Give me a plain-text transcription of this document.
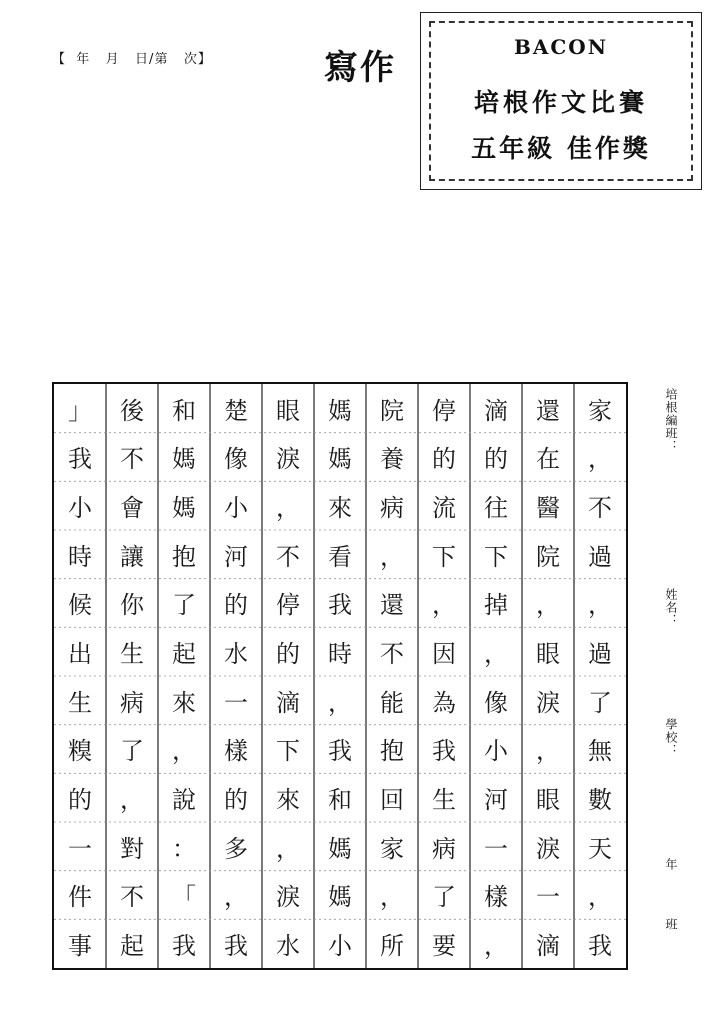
【  年   月   日/第   次】	寫作
BACON
培根作文比賽
五年級 佳作獎
家
，
不
過
，
過
了
無
數
天
，
我
還
在
醫
院
，
眼
淚
，
眼
淚
一
滴
滴
的
往
下
掉
，
像
小
河
一
樣
，
停
的
流
下
，
因
為
我
生
病
了
要
院
養
病
，
還
不
能
抱
回
家
，
所
媽
媽
來
看
我
時
，
我
和
媽
媽
小
眼
淚
，
不
停
的
滴
下
來
，
淚
水
楚
像
小
河
的
水
一
樣
的
多
，
我
和
媽
媽
抱
了
起
來
，
說
：
「
我
後
不
會
讓
你
生
病
了
，
對
不
起
」
我
小
時
候
出
生
糗
的
一
件
事
培根編班：
姓名：
學校：
年
班
